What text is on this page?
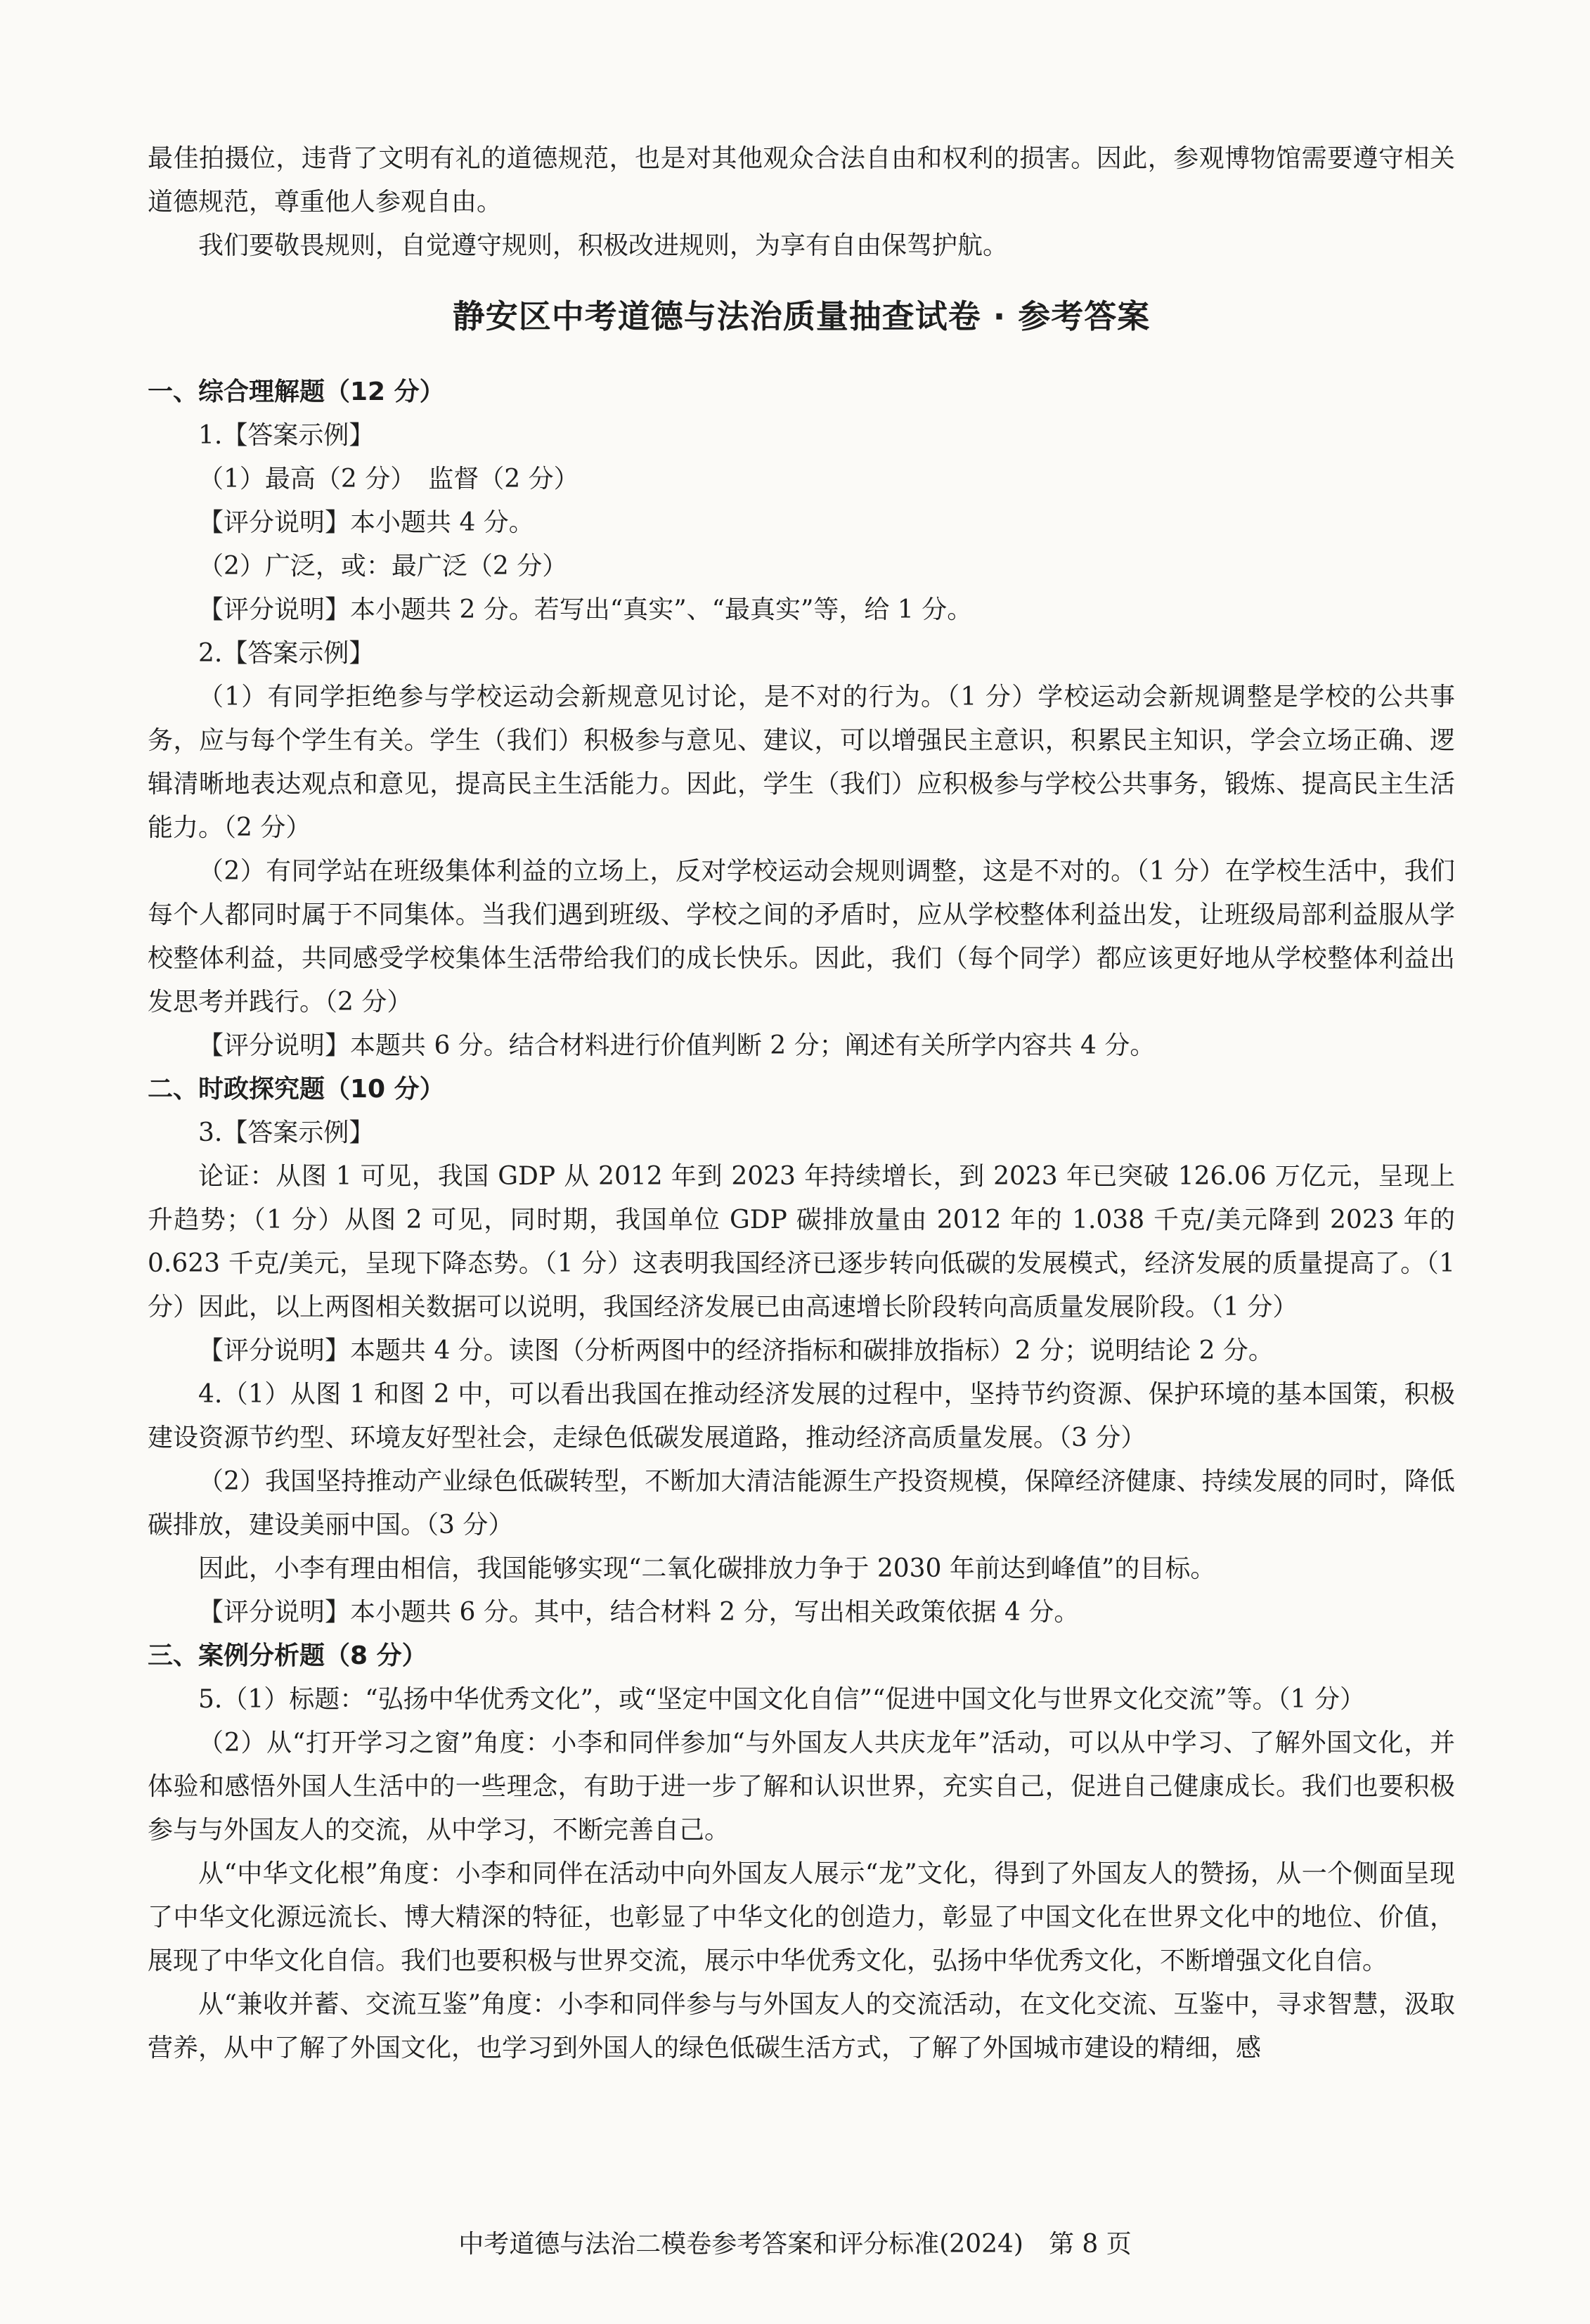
最佳拍摄位，违背了文明有礼的道德规范，也是对其他观众合法自由和权利的损害。因此，参观博物馆需要遵守相关道德规范，尊重他人参观自由。

我们要敬畏规则，自觉遵守规则，积极改进规则，为享有自由保驾护航。

静安区中考道德与法治质量抽查试卷 · 参考答案
一、综合理解题（12 分）

1.【答案示例】

（1）最高（2 分）　监督（2 分）

【评分说明】本小题共 4 分。

（2）广泛，或：最广泛（2 分）

【评分说明】本小题共 2 分。若写出“真实”、“最真实”等，给 1 分。

2.【答案示例】

（1）有同学拒绝参与学校运动会新规意见讨论，是不对的行为。（1 分）学校运动会新规调整是学校的公共事务，应与每个学生有关。学生（我们）积极参与意见、建议，可以增强民主意识，积累民主知识，学会立场正确、逻辑清晰地表达观点和意见，提高民主生活能力。因此，学生（我们）应积极参与学校公共事务，锻炼、提高民主生活能力。（2 分）

（2）有同学站在班级集体利益的立场上，反对学校运动会规则调整，这是不对的。（1 分）在学校生活中，我们每个人都同时属于不同集体。当我们遇到班级、学校之间的矛盾时，应从学校整体利益出发，让班级局部利益服从学校整体利益，共同感受学校集体生活带给我们的成长快乐。因此，我们（每个同学）都应该更好地从学校整体利益出发思考并践行。（2 分）

【评分说明】本题共 6 分。结合材料进行价值判断 2 分；阐述有关所学内容共 4 分。

二、时政探究题（10 分）

3.【答案示例】

论证：从图 1 可见，我国 GDP 从 2012 年到 2023 年持续增长，到 2023 年已突破 126.06 万亿元，呈现上升趋势；（1 分）从图 2 可见，同时期，我国单位 GDP 碳排放量由 2012 年的 1.038 千克/美元降到 2023 年的 0.623 千克/美元，呈现下降态势。（1 分）这表明我国经济已逐步转向低碳的发展模式，经济发展的质量提高了。（1 分）因此，以上两图相关数据可以说明，我国经济发展已由高速增长阶段转向高质量发展阶段。（1 分）

【评分说明】本题共 4 分。读图（分析两图中的经济指标和碳排放指标）2 分；说明结论 2 分。

4.（1）从图 1 和图 2 中，可以看出我国在推动经济发展的过程中，坚持节约资源、保护环境的基本国策，积极建设资源节约型、环境友好型社会，走绿色低碳发展道路，推动经济高质量发展。（3 分）

（2）我国坚持推动产业绿色低碳转型，不断加大清洁能源生产投资规模，保障经济健康、持续发展的同时，降低碳排放，建设美丽中国。（3 分）

因此，小李有理由相信，我国能够实现“二氧化碳排放力争于 2030 年前达到峰值”的目标。

【评分说明】本小题共 6 分。其中，结合材料 2 分，写出相关政策依据 4 分。

三、案例分析题（8 分）

5.（1）标题：“弘扬中华优秀文化”，或“坚定中国文化自信”“促进中国文化与世界文化交流”等。（1 分）

（2）从“打开学习之窗”角度：小李和同伴参加“与外国友人共庆龙年”活动，可以从中学习、了解外国文化，并体验和感悟外国人生活中的一些理念，有助于进一步了解和认识世界，充实自己，促进自己健康成长。我们也要积极参与与外国友人的交流，从中学习，不断完善自己。

从“中华文化根”角度：小李和同伴在活动中向外国友人展示“龙”文化，得到了外国友人的赞扬，从一个侧面呈现了中华文化源远流长、博大精深的特征，也彰显了中华文化的创造力，彰显了中国文化在世界文化中的地位、价值，展现了中华文化自信。我们也要积极与世界交流，展示中华优秀文化，弘扬中华优秀文化，不断增强文化自信。

从“兼收并蓄、交流互鉴”角度：小李和同伴参与与外国友人的交流活动，在文化交流、互鉴中，寻求智慧，汲取营养，从中了解了外国文化，也学习到外国人的绿色低碳生活方式，了解了外国城市建设的精细，感

中考道德与法治二模卷参考答案和评分标准(2024)　第 8 页
